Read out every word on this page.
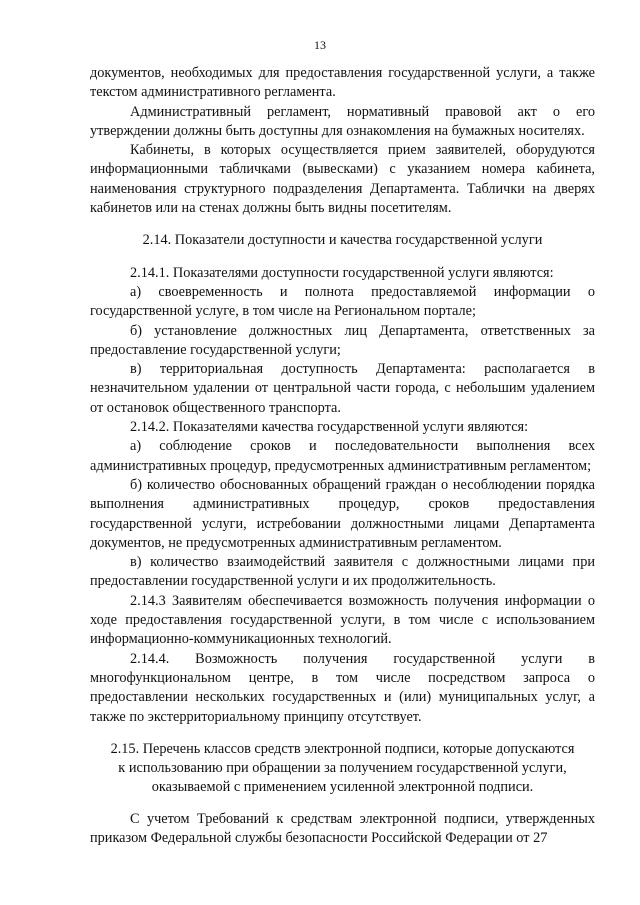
13

документов, необходимых для предоставления государственной услуги, а также текстом административного регламента.

Административный регламент, нормативный правовой акт о его утверждении должны быть доступны для ознакомления на бумажных носителях.

Кабинеты, в которых осуществляется прием заявителей, оборудуются информационными табличками (вывесками) с указанием номера кабинета, наименования структурного подразделения Департамента. Таблички на дверях кабинетов или на стенах должны быть видны посетителям.

2.14. Показатели доступности и качества государственной услуги

2.14.1. Показателями доступности государственной услуги являются:

а) своевременность и полнота предоставляемой информации о государственной услуге, в том числе на Региональном портале;

б) установление должностных лиц Департамента, ответственных за предоставление государственной услуги;

в) территориальная доступность Департамента: располагается в незначительном удалении от центральной части города, с небольшим удалением от остановок общественного транспорта.

2.14.2. Показателями качества государственной услуги являются:

а) соблюдение сроков и последовательности выполнения всех административных процедур, предусмотренных административным регламентом;

б) количество обоснованных обращений граждан о несоблюдении порядка выполнения административных процедур, сроков предоставления государственной услуги, истребовании должностными лицами Департамента документов, не предусмотренных административным регламентом.

в) количество взаимодействий заявителя с должностными лицами при предоставлении государственной услуги и их продолжительность.

2.14.3 Заявителям обеспечивается возможность получения информации о ходе предоставления государственной услуги, в том числе с использованием информационно-коммуникационных технологий.

2.14.4. Возможность получения государственной услуги в многофункциональном центре, в том числе посредством запроса о предоставлении нескольких государственных и (или) муниципальных услуг, а также по экстерриториальному принципу отсутствует.

2.15. Перечень классов средств электронной подписи, которые допускаются к использованию при обращении за получением государственной услуги, оказываемой с применением усиленной электронной подписи.

С учетом Требований к средствам электронной подписи, утвержденных приказом Федеральной службы безопасности Российской Федерации от 27
